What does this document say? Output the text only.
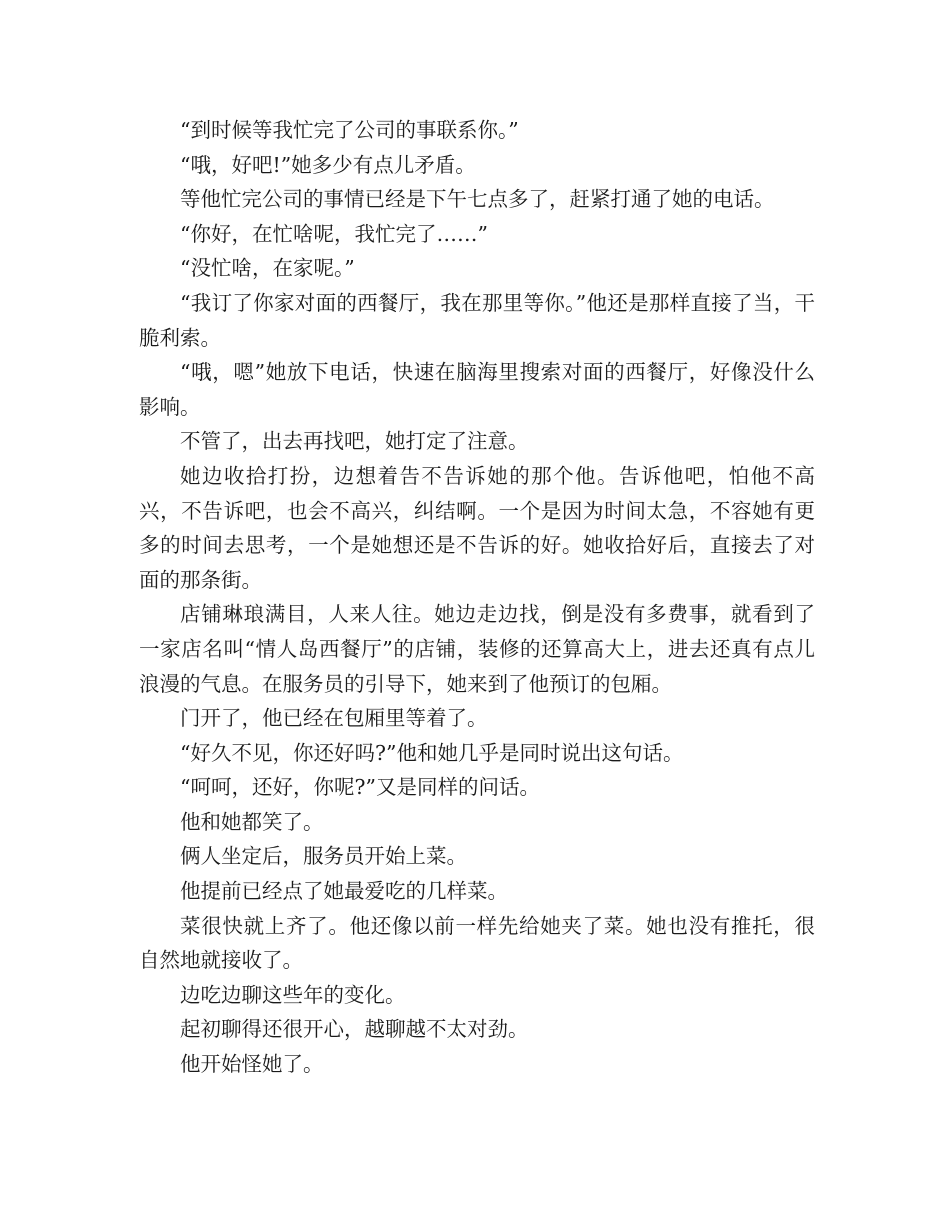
“到时候等我忙完了公司的事联系你。”

“哦，好吧!”她多少有点儿矛盾。

等他忙完公司的事情已经是下午七点多了，赶紧打通了她的电话。

“你好，在忙啥呢，我忙完了……”

“没忙啥，在家呢。”

“我订了你家对面的西餐厅，我在那里等你。”他还是那样直接了当，干脆利索。

“哦，嗯”她放下电话，快速在脑海里搜索对面的西餐厅，好像没什么影响。

不管了，出去再找吧，她打定了注意。

她边收拾打扮，边想着告不告诉她的那个他。告诉他吧，怕他不高兴，不告诉吧，也会不高兴，纠结啊。一个是因为时间太急，不容她有更多的时间去思考，一个是她想还是不告诉的好。她收拾好后，直接去了对面的那条街。

店铺琳琅满目，人来人往。她边走边找，倒是没有多费事，就看到了一家店名叫“情人岛西餐厅”的店铺，装修的还算高大上，进去还真有点儿浪漫的气息。在服务员的引导下，她来到了他预订的包厢。

门开了，他已经在包厢里等着了。

“好久不见，你还好吗?”他和她几乎是同时说出这句话。

“呵呵，还好，你呢?”又是同样的问话。

他和她都笑了。

俩人坐定后，服务员开始上菜。

他提前已经点了她最爱吃的几样菜。

菜很快就上齐了。他还像以前一样先给她夹了菜。她也没有推托，很自然地就接收了。

边吃边聊这些年的变化。

起初聊得还很开心，越聊越不太对劲。

他开始怪她了。
